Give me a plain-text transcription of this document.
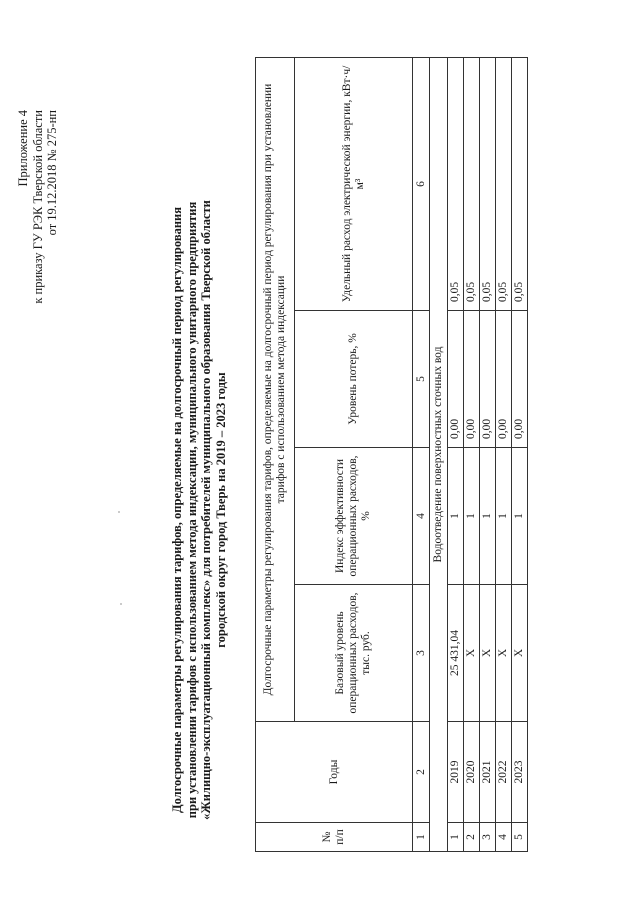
Приложение 4 к приказу ГУ РЭК Тверской области от 19.12.2018 № 275-нп
Долгосрочные параметры регулирования тарифов, определяемые на долгосрочный период регулирования при установлении тарифов с использованием метода индексации, муниципального унитарного предприятия «Жилищно-эксплуатационный комплекс» для потребителей муниципального образования Тверской области городской округ город Тверь на 2019 – 2023 годы
№ п/п	Годы	Долгосрочные параметры регулирования тарифов, определяемые на долгосрочный период регулирования при установлении тарифов с использованием метода индексации			
		Базовый уровень операционных расходов, тыс. руб.	Индекс эффективности операционных расходов, %	Уровень потерь, %	Удельный расход электрической энергии, кВт·ч/м³
1	2	3	4	5	6
Водоотведение поверхностных сточных вод					
1	2019	25 431,04	1	0,00	0,05
2	2020	Х	1	0,00	0,05
3	2021	Х	1	0,00	0,05
4	2022	Х	1	0,00	0,05
5	2023	Х	1	0,00	0,05
